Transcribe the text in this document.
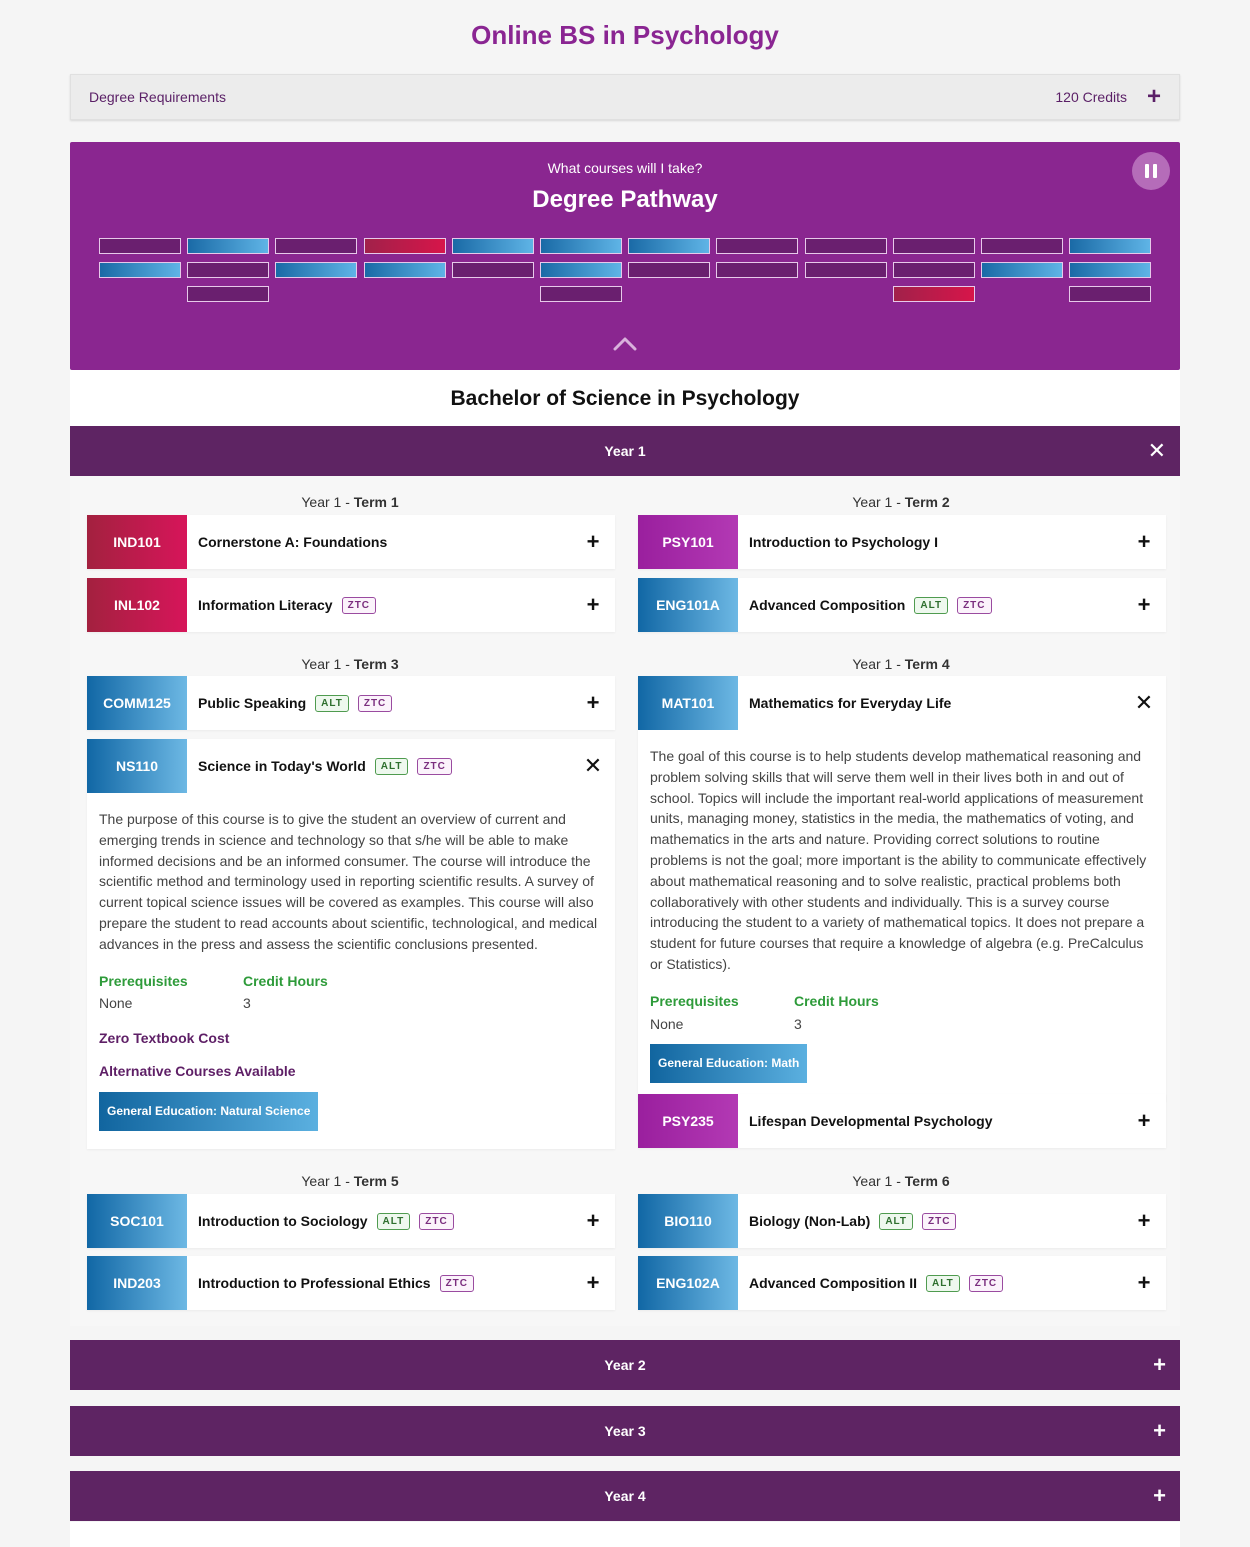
Online BS in Psychology
Degree Requirements	120 Credits +
What courses will I take?
Degree Pathway
Bachelor of Science in Psychology
Year 1	✕
Year 1 - Term 1
IND101	Cornerstone A: Foundations	+
INL102	Information Literacy	ZTC	+
Year 1 - Term 2
PSY101	Introduction to Psychology I	+
ENG101A	Advanced Composition	ALT	ZTC	+
Year 1 - Term 3
COMM125	Public Speaking	ALT	ZTC	+
NS110	Science in Today's World	ALT	ZTC	✕
The purpose of this course is to give the student an overview of current and emerging trends in science and technology so that s/he will be able to make informed decisions and be an informed consumer. The course will introduce the scientific method and terminology used in reporting scientific results. A survey of current topical science issues will be covered as examples. This course will also prepare the student to read accounts about scientific, technological, and medical advances in the press and assess the scientific conclusions presented.
Prerequisites
None
Credit Hours
3
Zero Textbook Cost
Alternative Courses Available
General Education: Natural Science
Year 1 - Term 4
MAT101	Mathematics for Everyday Life	✕
The goal of this course is to help students develop mathematical reasoning and problem solving skills that will serve them well in their lives both in and out of school. Topics will include the important real-world applications of measurement units, managing money, statistics in the media, the mathematics of voting, and mathematics in the arts and nature. Providing correct solutions to routine problems is not the goal; more important is the ability to communicate effectively about mathematical reasoning and to solve realistic, practical problems both collaboratively with other students and individually. This is a survey course introducing the student to a variety of mathematical topics. It does not prepare a student for future courses that require a knowledge of algebra (e.g. PreCalculus or Statistics).
Prerequisites
None
Credit Hours
3
General Education: Math
PSY235	Lifespan Developmental Psychology	+
Year 1 - Term 5
SOC101	Introduction to Sociology	ALT	ZTC	+
IND203	Introduction to Professional Ethics	ZTC	+
Year 1 - Term 6
BIO110	Biology (Non-Lab)	ALT	ZTC	+
ENG102A	Advanced Composition II	ALT	ZTC	+
Year 2	+
Year 3	+
Year 4	+
